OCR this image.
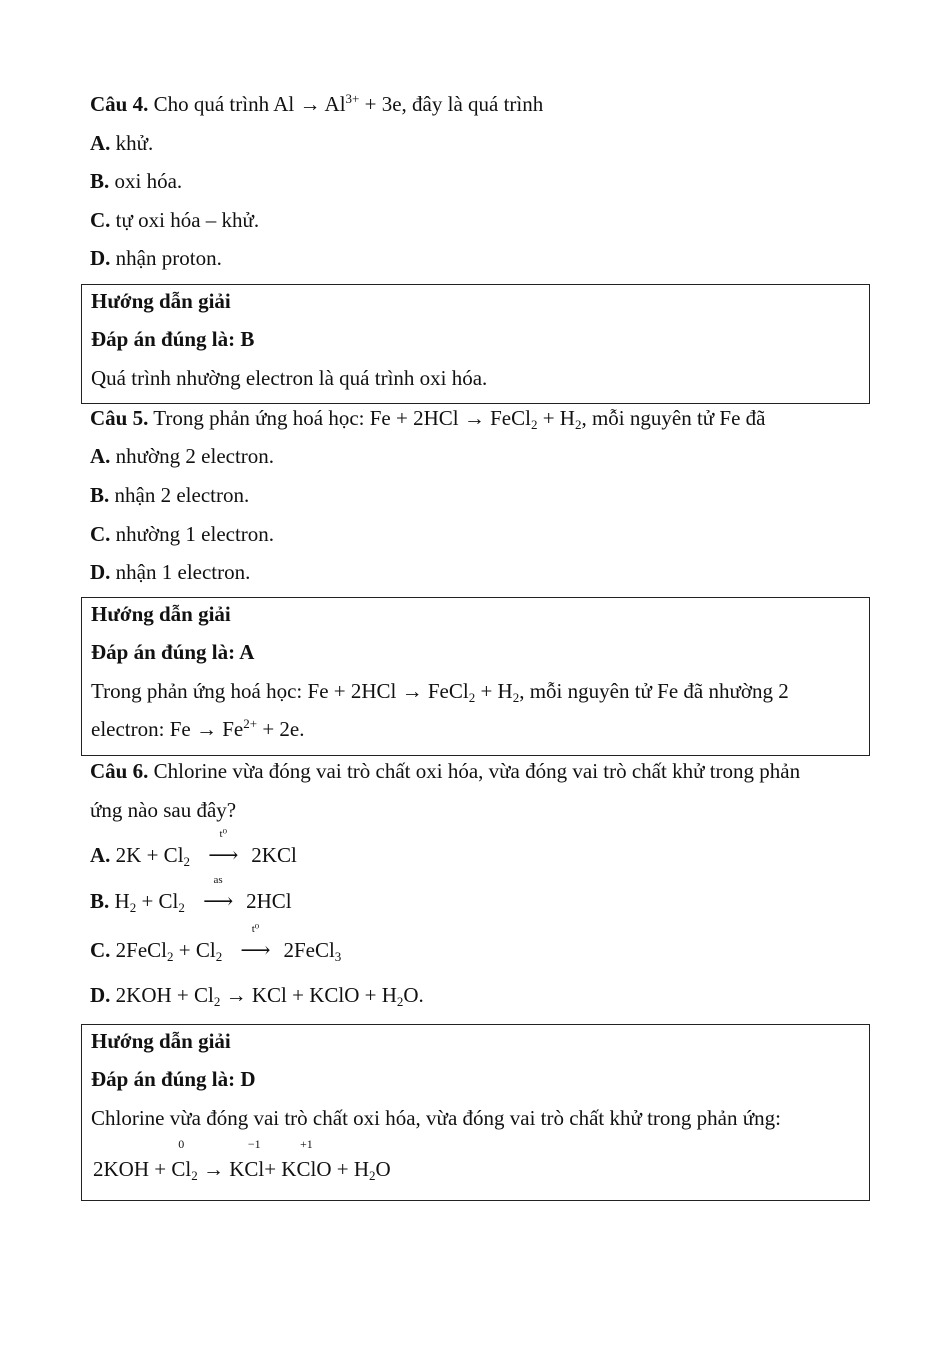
Câu 4. Cho quá trình $Al \to Al^{3+} + 3e$, đây là quá trình
A. khử.
B. oxi hóa.
C. tự oxi hóa – khử.
D. nhận proton.
Hướng dẫn giải
Đáp án đúng là: B
Quá trình nhường electron là quá trình oxi hóa.
Câu 5. Trong phản ứng hoá học: Fe + 2HCl → FeCl$_2$ + $H_2$, mỗi nguyên tử Fe đã
A. nhường 2 electron.
B. nhận 2 electron.
C. nhường 1 electron.
D. nhận 1 electron.
Hướng dẫn giải
Đáp án đúng là: A
Trong phản ứng hoá học: Fe + 2HCl → FeCl$_2$ + $H_2$, mỗi nguyên tử Fe đã nhường 2
electron: $Fe \to Fe^{2+} + 2e$.
Câu 6. Chlorine vừa đóng vai trò chất oxi hóa, vừa đóng vai trò chất khử trong phản
ứng nào sau đây?
A. $2K + Cl_2$
t⁰
⟶ 2KCl
B. $H_2 + Cl_2$
as
⟶ 2HCl
C. 2FeCl$_2$ + $Cl_2$
t⁰
⟶ 2FeCl$_3$
D. $2KOH + Cl_2$ → KCl + KClO + $H_2O$.
Hướng dẫn giải
Đáp án đúng là: D
Chlorine vừa đóng vai trò chất oxi hóa, vừa đóng vai trò chất khử trong phản ứng:
2KOH +
0
$Cl_2 \to K$
−1
Cl+ K
+1
ClO + $H_2O$
